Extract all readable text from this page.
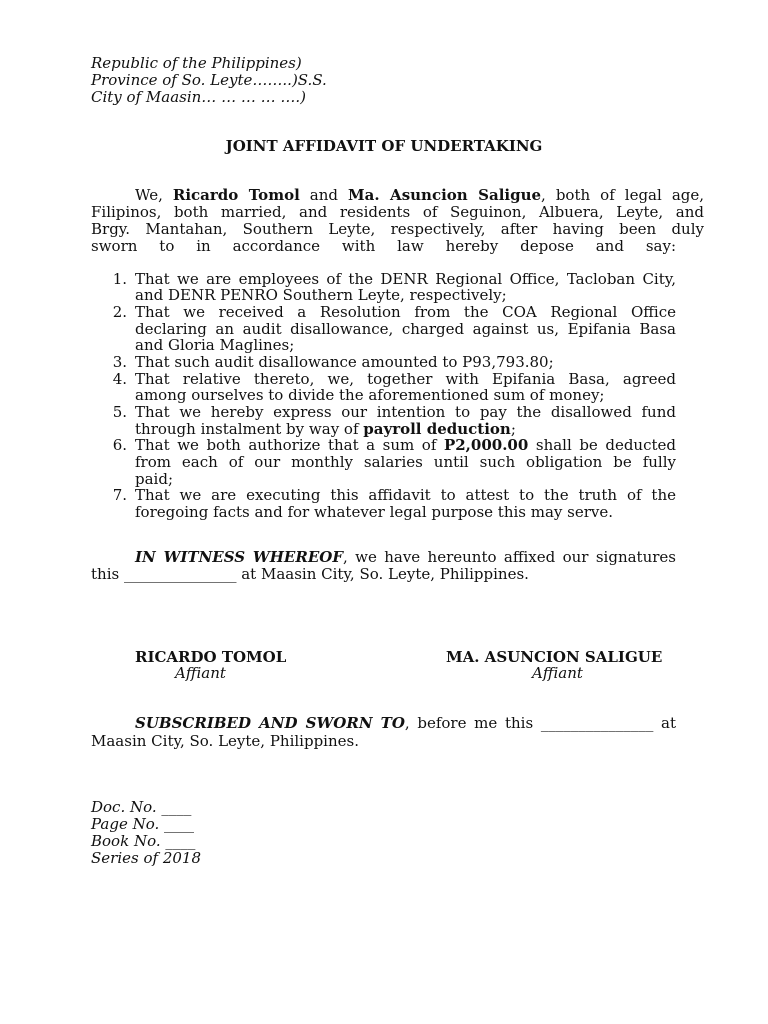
Republic of the Philippines)
Province of So. Leyte……..)S.S.
City of Maasin… … … … ….)
JOINT AFFIDAVIT OF UNDERTAKING
We, Ricardo Tomol and Ma. Asuncion Saligue, both of legal age,
Filipinos, both married, and residents of Seguinon, Albuera, Leyte, and
Brgy. Mantahan, Southern Leyte, respectively, after having been duly
sworn to in accordance with law hereby depose and say:
1. That we are employees of the DENR Regional Office, Tacloban City,
and DENR PENRO Southern Leyte, respectively;
2. That we received a Resolution from the COA Regional Office
declaring an audit disallowance, charged against us, Epifania Basa
and Gloria Maglines;
3. That such audit disallowance amounted to P93,793.80;
4. That relative thereto, we, together with Epifania Basa, agreed
among ourselves to divide the aforementioned sum of money;
5. That we hereby express our intention to pay the disallowed fund
through instalment by way of payroll deduction;
6. That we both authorize that a sum of P2,000.00 shall be deducted
from each of our monthly salaries until such obligation be fully
paid;
7. That we are executing this affidavit to attest to the truth of the
foregoing facts and for whatever legal purpose this may serve.
IN WITNESS WHEREOF, we have hereunto affixed our signatures
this _______________ at Maasin City, So. Leyte, Philippines.
RICARDO TOMOL
Affiant
MA. ASUNCION SALIGUE
Affiant
SUBSCRIBED AND SWORN TO, before me this _______________ at
Maasin City, So. Leyte, Philippines.
Doc. No. ____
Page No. ____
Book No. ____
Series of 2018
